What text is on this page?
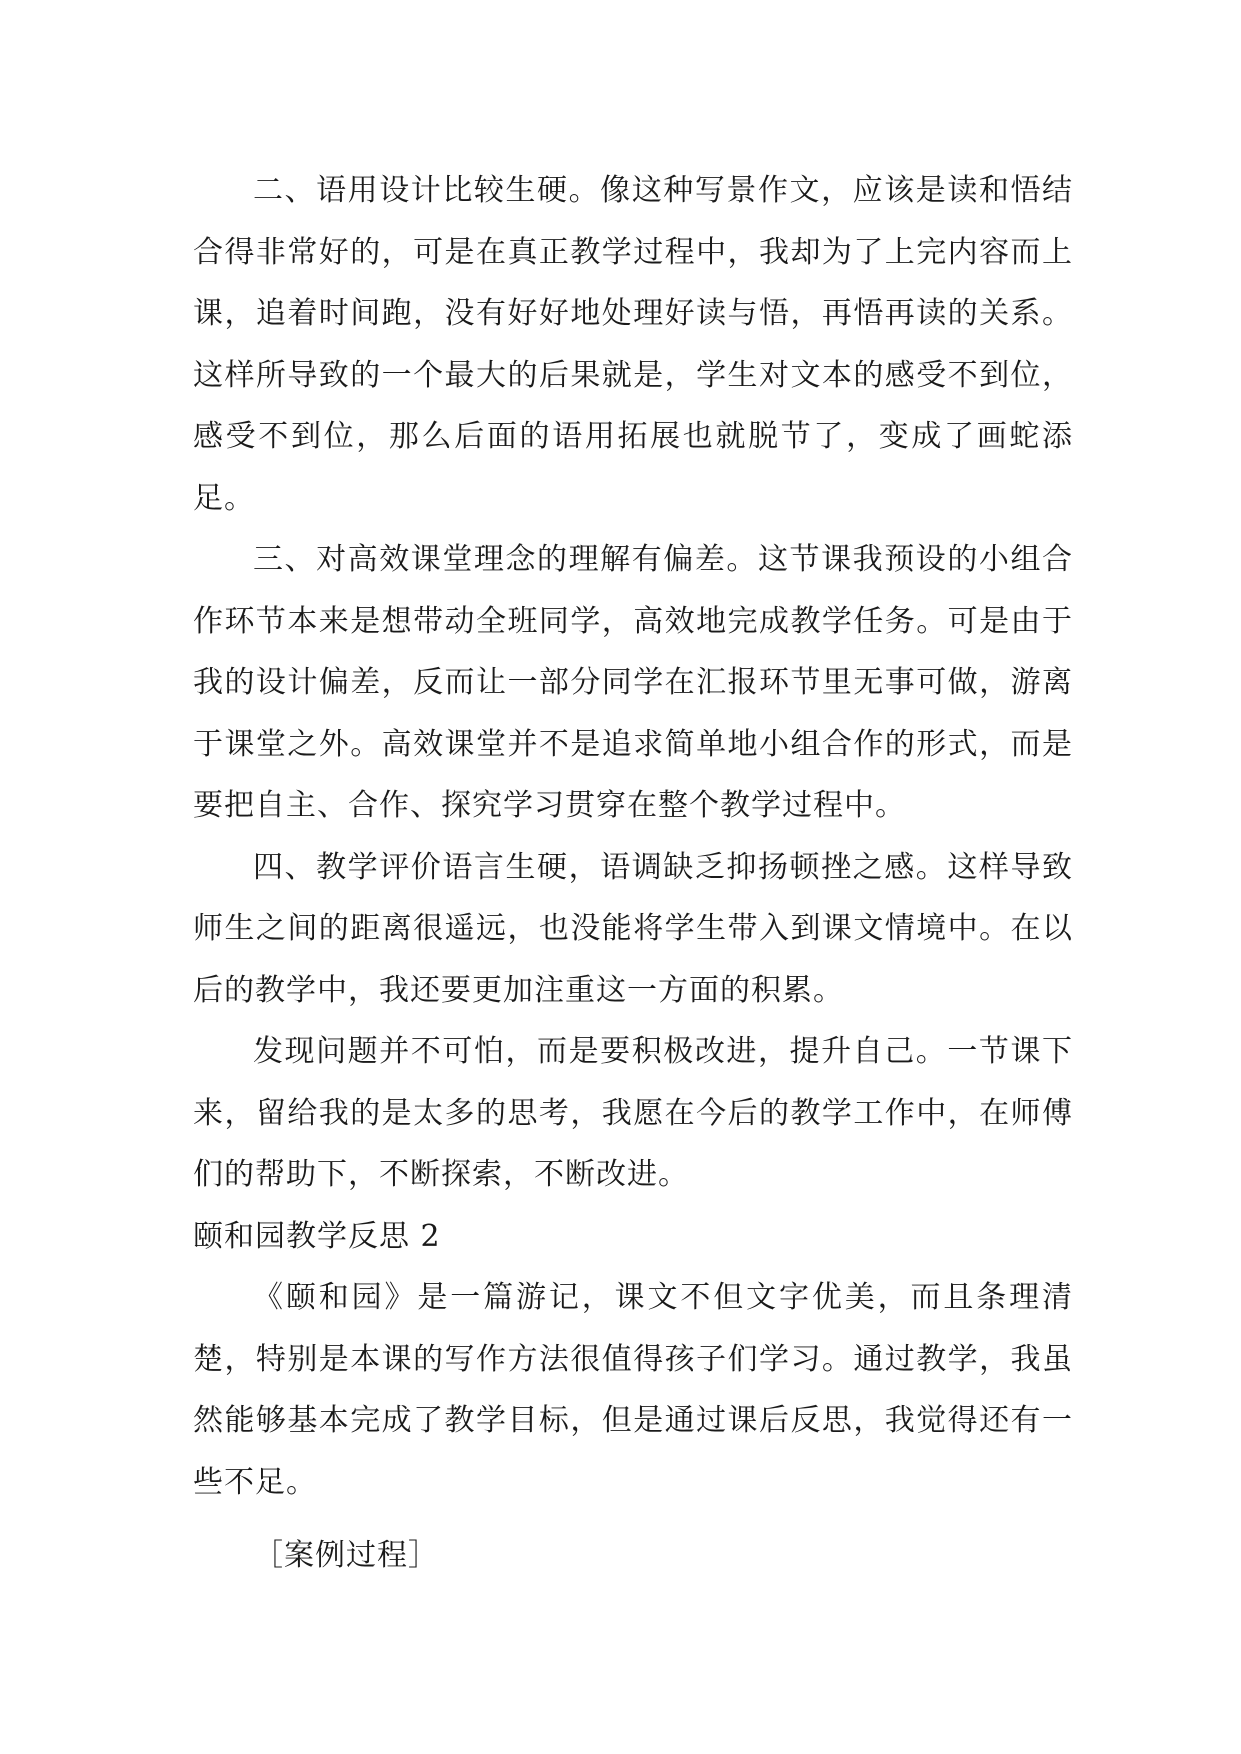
二、语用设计比较生硬。像这种写景作文，应该是读和悟结合得非常好的，可是在真正教学过程中，我却为了上完内容而上课，追着时间跑，没有好好地处理好读与悟，再悟再读的关系。这样所导致的一个最大的后果就是，学生对文本的感受不到位，感受不到位，那么后面的语用拓展也就脱节了，变成了画蛇添足。

三、对高效课堂理念的理解有偏差。这节课我预设的小组合作环节本来是想带动全班同学，高效地完成教学任务。可是由于我的设计偏差，反而让一部分同学在汇报环节里无事可做，游离于课堂之外。高效课堂并不是追求简单地小组合作的形式，而是要把自主、合作、探究学习贯穿在整个教学过程中。

四、教学评价语言生硬，语调缺乏抑扬顿挫之感。这样导致师生之间的距离很遥远，也没能将学生带入到课文情境中。在以后的教学中，我还要更加注重这一方面的积累。

发现问题并不可怕，而是要积极改进，提升自己。一节课下来，留给我的是太多的思考，我愿在今后的教学工作中，在师傅们的帮助下，不断探索，不断改进。

颐和园教学反思 2

《颐和园》是一篇游记，课文不但文字优美，而且条理清楚，特别是本课的写作方法很值得孩子们学习。通过教学，我虽然能够基本完成了教学目标，但是通过课后反思，我觉得还有一些不足。

［案例过程］
